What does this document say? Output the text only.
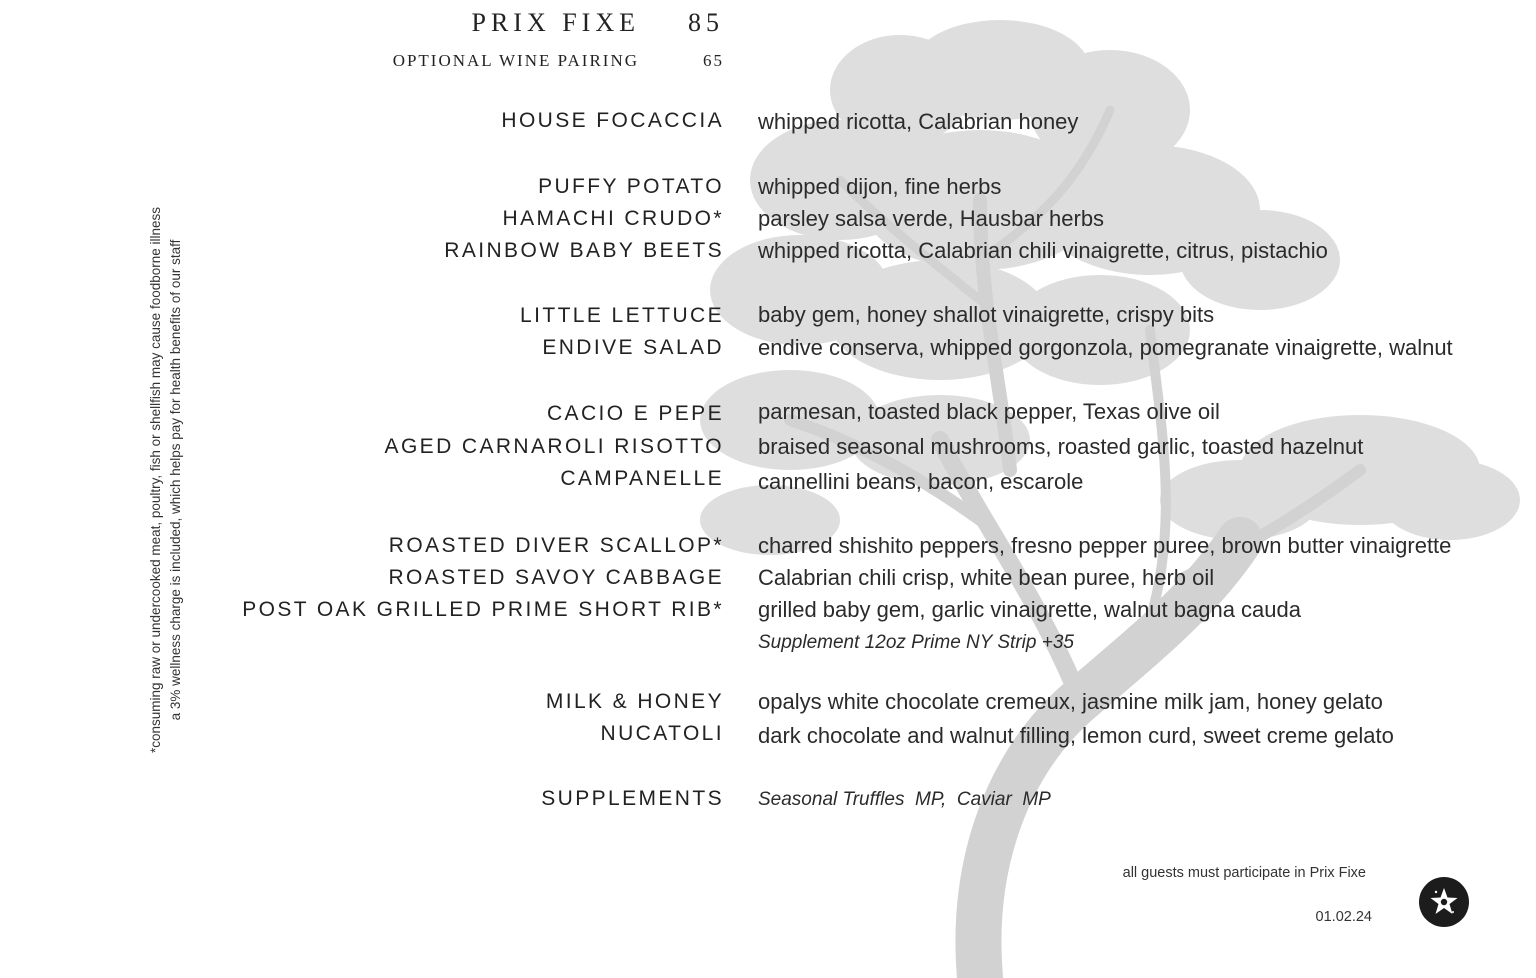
PRIX FIXE 85
OPTIONAL WINE PAIRING	65
HOUSE FOCACCIA
PUFFY POTATO
HAMACHI CRUDO*
RAINBOW BABY BEETS
LITTLE LETTUCE
ENDIVE SALAD
CACIO E PEPE
AGED CARNAROLI RISOTTO
CAMPANELLE
ROASTED DIVER SCALLOP*
ROASTED SAVOY CABBAGE
POST OAK GRILLED PRIME SHORT RIB*
MILK & HONEY
NUCATOLI
SUPPLEMENTS
whipped ricotta, Calabrian honey
whipped dijon, fine herbs
parsley salsa verde, Hausbar herbs
whipped ricotta, Calabrian chili vinaigrette, citrus, pistachio
baby gem, honey shallot vinaigrette, crispy bits
endive conserva, whipped gorgonzola, pomegranate vinaigrette, walnut
parmesan, toasted black pepper, Texas olive oil
braised seasonal mushrooms, roasted garlic, toasted hazelnut
cannellini beans, bacon, escarole
charred shishito peppers, fresno pepper puree, brown butter vinaigrette
Calabrian chili crisp, white bean puree, herb oil
grilled baby gem, garlic vinaigrette, walnut bagna cauda
Supplement 12oz Prime NY Strip +35
opalys white chocolate cremeux, jasmine milk jam, honey gelato
dark chocolate and walnut filling, lemon curd, sweet creme gelato
Seasonal Truffles  MP,  Caviar  MP
*consuming raw or undercooked meat, poultry, fish or shellfish may cause foodborne illness a 3% wellness charge is included, which helps pay for health benefits of our staff
all guests must participate in Prix Fixe
01.02.24
